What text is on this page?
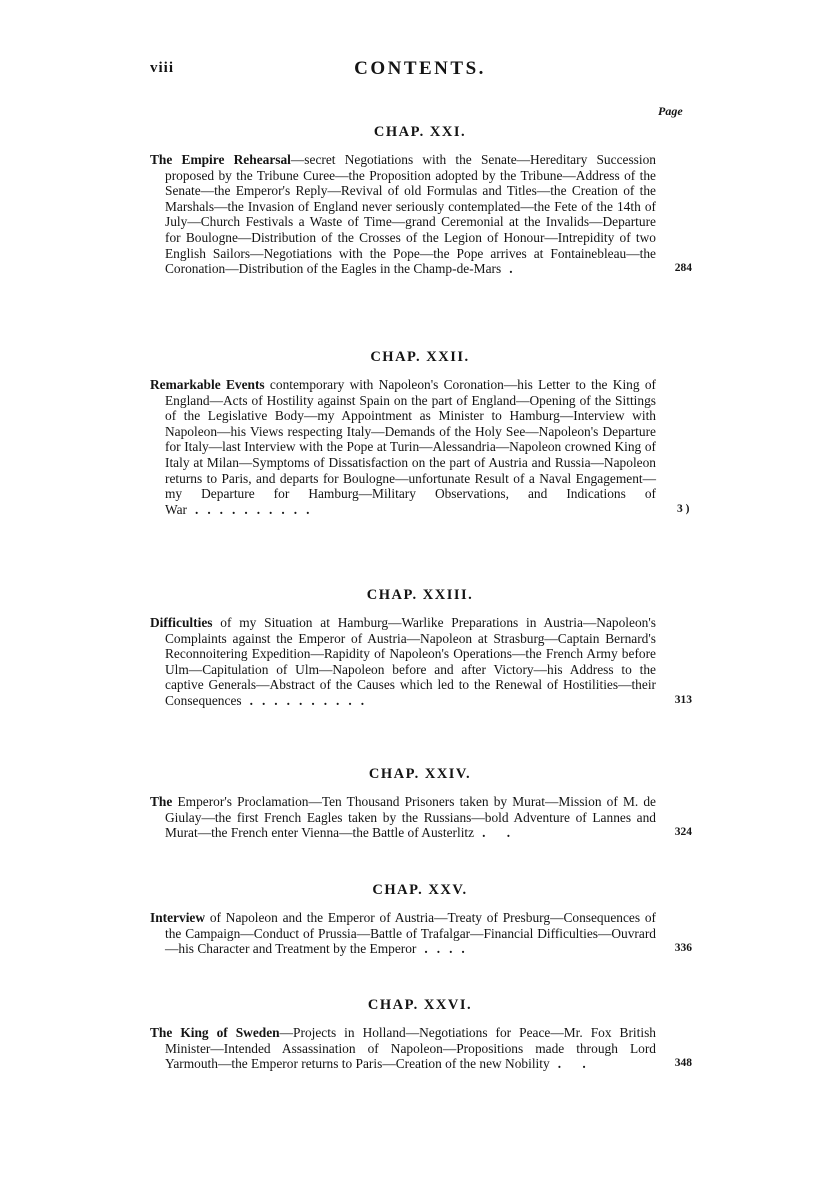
viii	CONTENTS.
Page
CHAP. XXI.
The Empire Rehearsal—secret Negotiations with the Senate—Hereditary Succession proposed by the Tribune Curee—the Proposition adopted by the Tribune—Address of the Senate—the Emperor's Reply—Revival of old Formulas and Titles—the Creation of the Marshals—the Invasion of England never seriously contemplated—the Fete of the 14th of July—Church Festivals a Waste of Time—grand Ceremonial at the Invalids—Departure for Boulogne—Distribution of the Crosses of the Legion of Honour—Intrepidity of two English Sailors—Negotiations with the Pope—the Pope arrives at Fontainebleau—the Coronation—Distribution of the Eagles in the Champ-de-Mars .	284
CHAP. XXII.
Remarkable Events contemporary with Napoleon's Coronation—his Letter to the King of England—Acts of Hostility against Spain on the part of England—Opening of the Sittings of the Legislative Body—my Appointment as Minister to Hamburg—Interview with Napoleon—his Views respecting Italy—Demands of the Holy See—Napoleon's Departure for Italy—last Interview with the Pope at Turin—Alessandria—Napoleon crowned King of Italy at Milan—Symptoms of Dissatisfaction on the part of Austria and Russia—Napoleon returns to Paris, and departs for Boulogne—unfortunate Result of a Naval Engagement—my Departure for Hamburg—Military Observations, and Indications of War ..........	3 )
CHAP. XXIII.
Difficulties of my Situation at Hamburg—Warlike Preparations in Austria—Napoleon's Complaints against the Emperor of Austria—Napoleon at Strasburg—Captain Bernard's Reconnoitering Expedition—Rapidity of Napoleon's Operations—the French Army before Ulm—Capitulation of Ulm—Napoleon before and after Victory—his Address to the captive Generals—Abstract of the Causes which led to the Renewal of Hostilities—their Consequences ..........	313
CHAP. XXIV.
The Emperor's Proclamation—Ten Thousand Prisoners taken by Murat—Mission of M. de Giulay—the first French Eagles taken by the Russians—bold Adventure of Lannes and Murat—the French enter Vienna—the Battle of Austerlitz . .	324
CHAP. XXV.
Interview of Napoleon and the Emperor of Austria—Treaty of Presburg—Consequences of the Campaign—Conduct of Prussia—Battle of Trafalgar—Financial Difficulties—Ouvrard—his Character and Treatment by the Emperor ....	336
CHAP. XXVI.
The King of Sweden—Projects in Holland—Negotiations for Peace—Mr. Fox British Minister—Intended Assassination of Napoleon—Propositions made through Lord Yarmouth—the Emperor returns to Paris—Creation of the new Nobility . .	348
